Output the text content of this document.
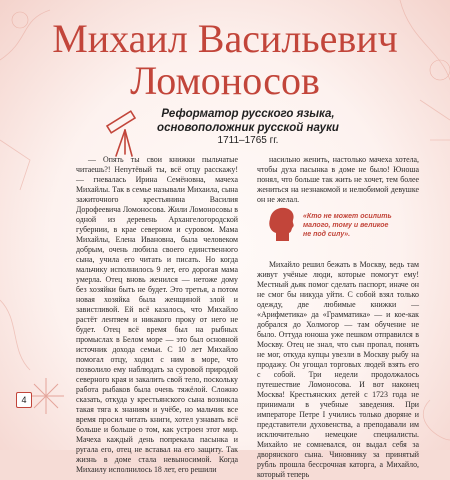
Михаил Васильевич
Ломоносов
Реформатор русского языка, основоположник русской науки
1711–1765 гг.

— Опять ты свои книжки пыльчатые читаешь?! Непутёвый ты, всё отцу расскажу! — гневалась Ирина Семёновна, мачеха Михайлы. Так в семье называли Михаила, сына зажиточного крестьянина Василия Дорофеевича Ломоносова. Жили Ломоносовы в одной из деревень Архангелогородской губернии, в крае северном и суровом. Мама Михайлы, Елена Ивановна, была человеком добрым, очень любила своего единственного сына, учила его читать и писать. Но когда мальчику исполнилось 9 лет, его дорогая мама умерла. Отец вновь женился — нетоже дому без хозяйки быть не будет. Это третья, а потом новая хозяйка была женщиной злой и завистливой. Ей всё казалось, что Михайло растёт лентяем и никакого проку от него не будет. Отец всё время был на рыбных промыслах в Белом море — это был основной источник дохода семьи. С 10 лет Михайло помогал отцу, ходил с ним в море, что позволило ему наблюдать за суровой природой северного края и закалить свой тело, поскольку работа рыбаков была очень тяжёлой. Сложно сказать, откуда у крестьянского сына возникла такая тяга к знаниям и учёбе, но мальчик все время просил читать книги, хотел узнавать всё больше и больше о том, как устроен этот мир. Мачеха каждый день попрекала пасынка и ругала его, отец не вставал на его защиту. Так жизнь в доме стала невыносимой. Когда Михаилу исполнилось 18 лет, его решили

насильно женить, настолько мачеха хотела, чтобы духа пасынка в доме не было! Юноша понял, что больше так жить не хочет, тем более жениться на незнакомой и нелюбимой девушке он не желал.

«Кто не может осилить малого, тому и великое не под силу».

Михайло решил бежать в Москву, ведь там живут учёные люди, которые помогут ему! Местный дьяк помог сделать паспорт, иначе он не смог бы никуда уйти. С собой взял только одежду, две любимые книжки — «Арифметика» да «Грамматика» — и кое-как добрался до Холмогор — там обучение не было. Оттуда юноша уже пешком отправился в Москву. Отец не знал, что сын пропал, понять не мог, откуда купцы увезли в Москву рыбу на продажу. Он угощал торговых людей взять его с собой. Три недели продолжалось путешествие Ломоносова. И вот наконец Москва! Крестьянских детей с 1723 года не принимали в учебные заведения. При императоре Петре I учились только дворяне и представители духовенства, а преподавали им исключительно немецкие специалисты. Михайло не сомневался, он выдал себя за дворянского сына. Чиновнику за принятый рубль прошла бессрочная каторга, а Михайло, который теперь

4
